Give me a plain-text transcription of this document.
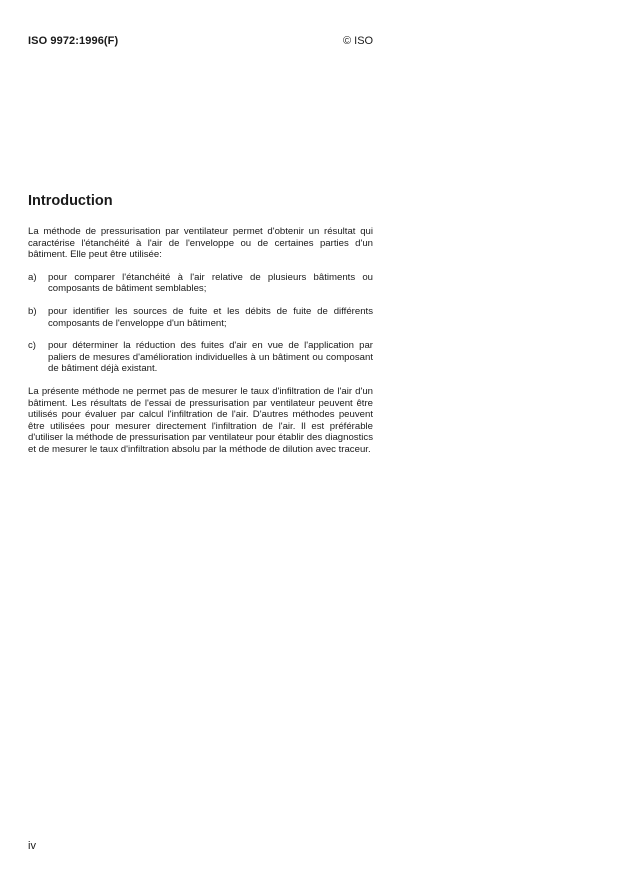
ISO 9972:1996(F)	© ISO
Introduction

La méthode de pressurisation par ventilateur permet d'obtenir un résultat qui caractérise l'étanchéité à l'air de l'enveloppe ou de certaines parties d'un bâtiment. Elle peut être utilisée:

a)	pour comparer l'étanchéité à l'air relative de plusieurs bâtiments ou composants de bâtiment semblables;
b)	pour identifier les sources de fuite et les débits de fuite de différents composants de l'enveloppe d'un bâtiment;
c)	pour déterminer la réduction des fuites d'air en vue de l'application par paliers de mesures d'amélioration individuelles à un bâtiment ou composant de bâtiment déjà existant.

La présente méthode ne permet pas de mesurer le taux d'infiltration de l'air d'un bâtiment. Les résultats de l'essai de pressurisation par ventilateur peuvent être utilisés pour évaluer par calcul l'infiltration de l'air. D'autres méthodes peuvent être utilisées pour mesurer directement l'infiltration de l'air. Il est préférable d'utiliser la méthode de pressurisation par ventilateur pour établir des diagnostics et de mesurer le taux d'infiltration absolu par la méthode de dilution avec traceur.

iv
